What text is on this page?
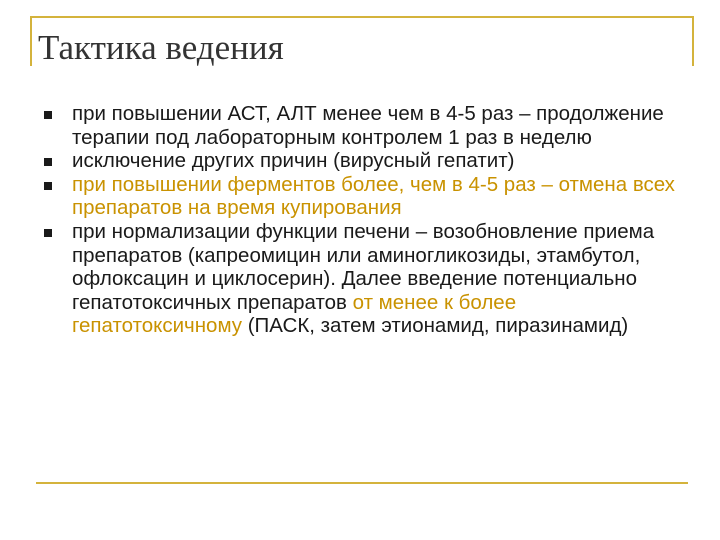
Тактика ведения
при повышении АСТ, АЛТ менее чем в 4-5 раз – продолжение терапии под лабораторным контролем 1 раз в неделю
исключение других причин (вирусный гепатит)
при повышении ферментов более, чем в 4-5 раз – отмена всех препаратов на время купирования
при нормализации функции печени – возобновление приема препаратов (капреомицин или аминогликозиды, этамбутол, офлоксацин и циклосерин). Далее введение потенциально гепатотоксичных препаратов от менее к более гепатотоксичному (ПАСК, затем этионамид, пиразинамид)
